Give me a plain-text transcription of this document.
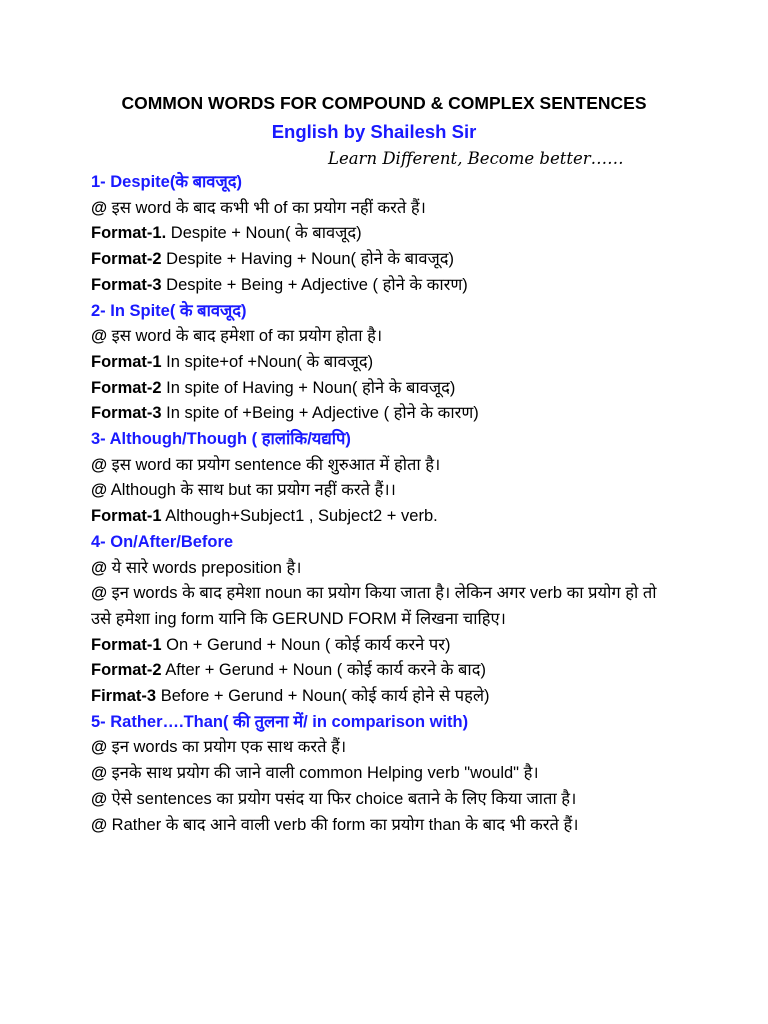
COMMON WORDS FOR COMPOUND & COMPLEX SENTENCES
English by Shailesh Sir
Learn Different, Become better……

1- Despite(के बावजूद)

@ इस word के बाद कभी भी of का प्रयोग नहीं करते हैं।

Format-1. Despite + Noun( के बावजूद)

Format-2 Despite + Having + Noun( होने के बावजूद)

Format-3 Despite + Being + Adjective ( होने के कारण)

2- In Spite( के बावजूद)

@ इस word के बाद हमेशा of का प्रयोग होता है।

Format-1 In spite+of +Noun( के बावजूद)

Format-2 In spite of Having + Noun( होने के बावजूद)

Format-3 In spite of +Being + Adjective ( होने के कारण)

3- Although/Though ( हालांकि/यद्यपि)

@ इस word का प्रयोग sentence की शुरुआत में होता है।

@ Although के साथ but का प्रयोग नहीं करते हैं।।

Format-1 Although+Subject1 , Subject2 + verb.

4- On/After/Before

@ ये सारे words preposition है।

@ इन words के बाद हमेशा noun का प्रयोग किया जाता है। लेकिन अगर verb का प्रयोग हो तो उसे हमेशा ing form यानि कि GERUND FORM में लिखना चाहिए।

Format-1 On + Gerund + Noun ( कोई कार्य करने पर)

Format-2 After + Gerund + Noun ( कोई कार्य करने के बाद)

Firmat-3 Before + Gerund + Noun( कोई कार्य होने से पहले)

5- Rather….Than( की तुलना में/ in comparison with)

@ इन words का प्रयोग एक साथ करते हैं।

@ इनके साथ प्रयोग की जाने वाली common Helping verb "would" है।

@ ऐसे sentences का प्रयोग पसंद या फिर choice बताने के लिए किया जाता है।

@ Rather के बाद आने वाली verb की form का प्रयोग than के बाद भी करते हैं।
